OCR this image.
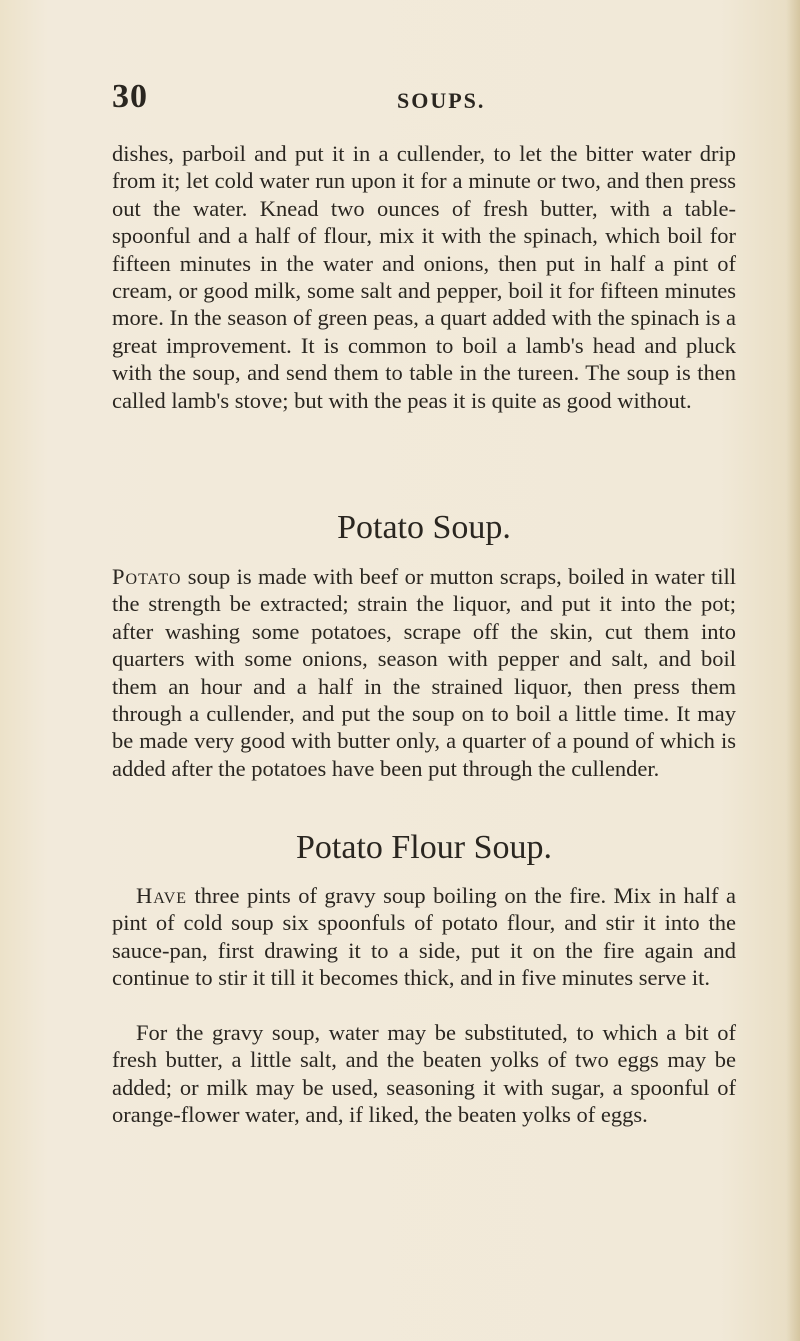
30	SOUPS.

dishes, parboil and put it in a cullender, to let the bitter water drip from it; let cold water run upon it for a minute or two, and then press out the water. Knead two ounces of fresh butter, with a table-spoonful and a half of flour, mix it with the spinach, which boil for fifteen minutes in the water and onions, then put in half a pint of cream, or good milk, some salt and pepper, boil it for fifteen minutes more. In the season of green peas, a quart added with the spinach is a great improvement. It is common to boil a lamb's head and pluck with the soup, and send them to table in the tureen. The soup is then called lamb's stove; but with the peas it is quite as good without.

Potato Soup.

Potato soup is made with beef or mutton scraps, boiled in water till the strength be extracted; strain the liquor, and put it into the pot; after washing some potatoes, scrape off the skin, cut them into quarters with some onions, season with pepper and salt, and boil them an hour and a half in the strained liquor, then press them through a cullender, and put the soup on to boil a little time. It may be made very good with butter only, a quarter of a pound of which is added after the potatoes have been put through the cullender.

Potato Flour Soup.

Have three pints of gravy soup boiling on the fire. Mix in half a pint of cold soup six spoonfuls of potato flour, and stir it into the sauce-pan, first drawing it to a side, put it on the fire again and continue to stir it till it becomes thick, and in five minutes serve it.

For the gravy soup, water may be substituted, to which a bit of fresh butter, a little salt, and the beaten yolks of two eggs may be added; or milk may be used, seasoning it with sugar, a spoonful of orange-flower water, and, if liked, the beaten yolks of eggs.
